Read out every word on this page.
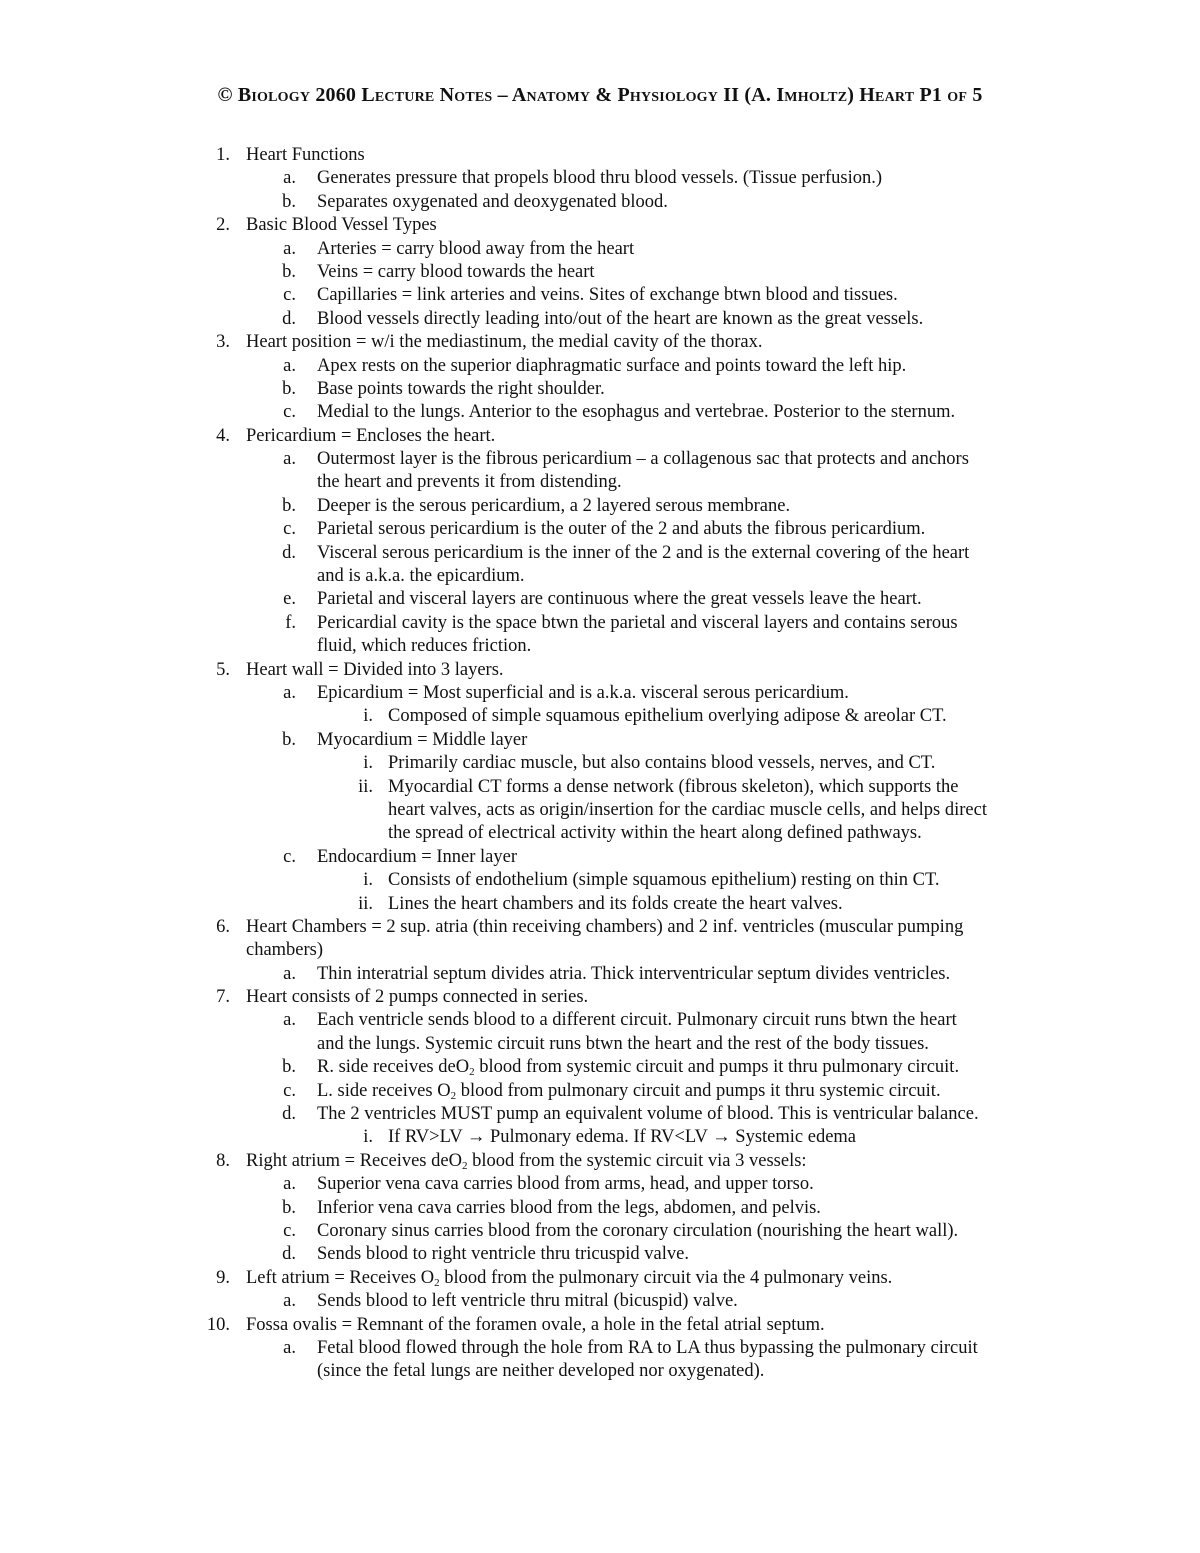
© Biology 2060 Lecture Notes – Anatomy & Physiology II (A. Imholtz) Heart P1 of 5
1. Heart Functions
a. Generates pressure that propels blood thru blood vessels. (Tissue perfusion.)
b. Separates oxygenated and deoxygenated blood.
2. Basic Blood Vessel Types
a. Arteries = carry blood away from the heart
b. Veins = carry blood towards the heart
c. Capillaries = link arteries and veins. Sites of exchange btwn blood and tissues.
d. Blood vessels directly leading into/out of the heart are known as the great vessels.
3. Heart position = w/i the mediastinum, the medial cavity of the thorax.
a. Apex rests on the superior diaphragmatic surface and points toward the left hip.
b. Base points towards the right shoulder.
c. Medial to the lungs. Anterior to the esophagus and vertebrae. Posterior to the sternum.
4. Pericardium = Encloses the heart.
a. Outermost layer is the fibrous pericardium – a collagenous sac that protects and anchors
the heart and prevents it from distending.
b. Deeper is the serous pericardium, a 2 layered serous membrane.
c. Parietal serous pericardium is the outer of the 2 and abuts the fibrous pericardium.
d. Visceral serous pericardium is the inner of the 2 and is the external covering of the heart
and is a.k.a. the epicardium.
e. Parietal and visceral layers are continuous where the great vessels leave the heart.
f. Pericardial cavity is the space btwn the parietal and visceral layers and contains serous
fluid, which reduces friction.
5. Heart wall = Divided into 3 layers.
a. Epicardium = Most superficial and is a.k.a. visceral serous pericardium.
i. Composed of simple squamous epithelium overlying adipose & areolar CT.
b. Myocardium = Middle layer
i. Primarily cardiac muscle, but also contains blood vessels, nerves, and CT.
ii. Myocardial CT forms a dense network (fibrous skeleton), which supports the
heart valves, acts as origin/insertion for the cardiac muscle cells, and helps direct
the spread of electrical activity within the heart along defined pathways.
c. Endocardium = Inner layer
i. Consists of endothelium (simple squamous epithelium) resting on thin CT.
ii. Lines the heart chambers and its folds create the heart valves.
6. Heart Chambers = 2 sup. atria (thin receiving chambers) and 2 inf. ventricles (muscular pumping
chambers)
a. Thin interatrial septum divides atria. Thick interventricular septum divides ventricles.
7. Heart consists of 2 pumps connected in series.
a. Each ventricle sends blood to a different circuit. Pulmonary circuit runs btwn the heart
and the lungs. Systemic circuit runs btwn the heart and the rest of the body tissues.
b. R. side receives deO$_2$ blood from systemic circuit and pumps it thru pulmonary circuit.
c. L. side receives $O_2$ blood from pulmonary circuit and pumps it thru systemic circuit.
d. The 2 ventricles MUST pump an equivalent volume of blood. This is ventricular balance.
i. If RV>LV → Pulmonary edema. If RV<LV → Systemic edema
8. Right atrium = Receives deO$_2$ blood from the systemic circuit via 3 vessels:
a. Superior vena cava carries blood from arms, head, and upper torso.
b. Inferior vena cava carries blood from the legs, abdomen, and pelvis.
c. Coronary sinus carries blood from the coronary circulation (nourishing the heart wall).
d. Sends blood to right ventricle thru tricuspid valve.
9. Left atrium = Receives $O_2$ blood from the pulmonary circuit via the 4 pulmonary veins.
a. Sends blood to left ventricle thru mitral (bicuspid) valve.
10. Fossa ovalis = Remnant of the foramen ovale, a hole in the fetal atrial septum.
a. Fetal blood flowed through the hole from RA to LA thus bypassing the pulmonary circuit
(since the fetal lungs are neither developed nor oxygenated).
